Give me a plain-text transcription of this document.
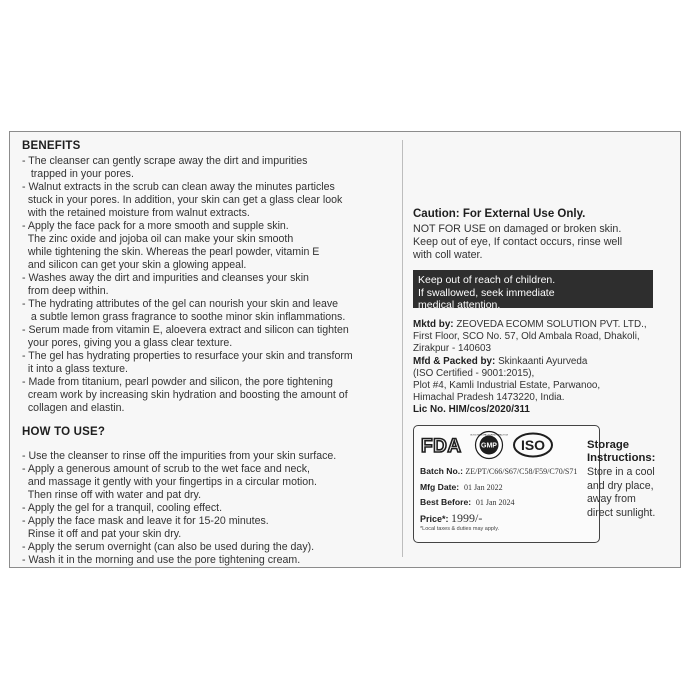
BENEFITS
- The cleanser can gently scrape away the dirt and impurities
trapped in your pores.
- Walnut extracts in the scrub can clean away the minutes particles
stuck in your pores. In addition, your skin can get a glass clear look
with the retained moisture from walnut extracts.
- Apply the face pack for a more smooth and supple skin.
The zinc oxide and jojoba oil can make your skin smooth
while tightening the skin. Whereas the pearl powder, vitamin E
and silicon can get your skin a glowing appeal.
- Washes away the dirt and impurities and cleanses your skin
from deep within.
- The hydrating attributes of the gel can nourish your skin and leave
a subtle lemon grass fragrance to soothe minor skin inflammations.
- Serum made from vitamin E, aloevera extract and silicon can tighten
your pores, giving you a glass clear texture.
- The gel has hydrating properties to resurface your skin and transform
it into a glass texture.
- Made from titanium, pearl powder and silicon, the pore tightening
cream work by increasing skin hydration and boosting the amount of
collagen and elastin.
HOW TO USE?
- Use the cleanser to rinse off the impurities from your skin surface.
- Apply a generous amount of scrub to the wet face and neck,
and massage it gently with your fingertips in a circular motion.
Then rinse off with water and pat dry.
- Apply the gel for a tranquil, cooling effect.
- Apply the face mask and leave it for 15-20 minutes.
Rinse it off and pat your skin dry.
- Apply the serum overnight (can also be used during the day).
- Wash it in the morning and use the pore tightening cream.
Caution: For External Use Only.
NOT FOR USE on damaged or broken skin.
Keep out of eye, If contact occurs, rinse well
with coll water.
Keep out of reach of children.
If swallowed, seek immediate
medical attention.
Mktd by: ZEOVEDA ECOMM SOLUTION PVT. LTD.,
First Floor, SCO No. 57, Old Ambala Road, Dhakoli,
Zirakpur - 140603
Mfd & Packed by: Skinkaanti Ayurveda
(ISO Certified - 9001:2015),
Plot #4, Kamli Industrial Estate, Parwanoo,
Himachal Pradesh 1473220, India.
Lic No. HIM/cos/2020/311
FDA	GMP
GOOD MANUFACTURING PRACTICE
ISO
Batch No.: ZE/PT/C66/S67/C58/F59/C70/S71
Mfg Date: 01 Jan 2022
Best Before: 01 Jan 2024
Price*: 1999/-
*Local taxes & duties may apply.
Storage
Instructions:
Store in a cool
and dry place,
away from
direct sunlight.
